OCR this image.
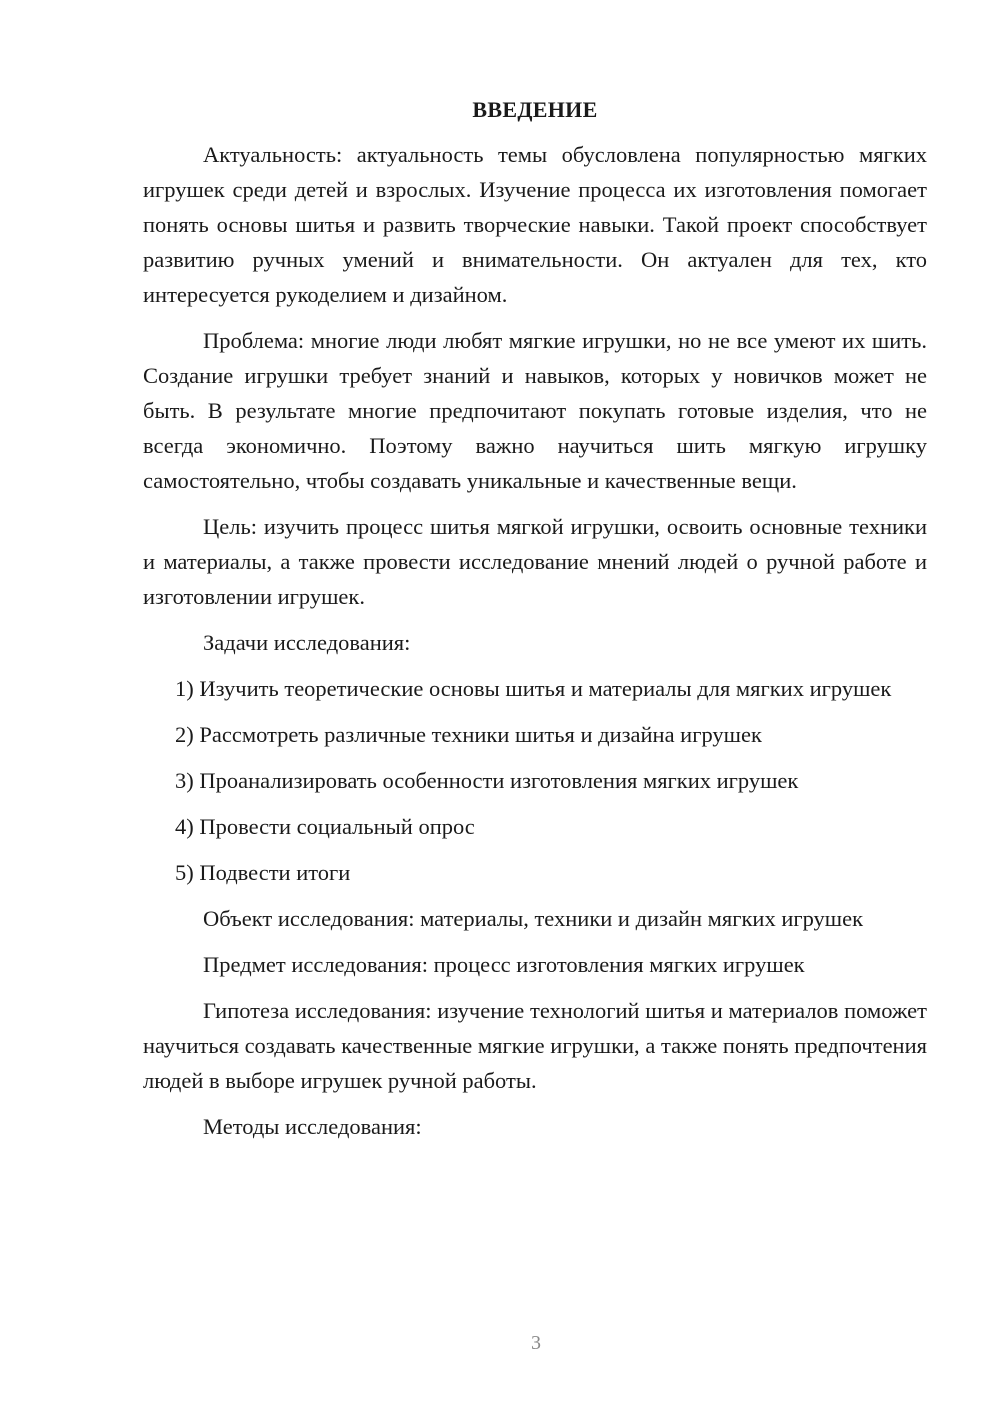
ВВЕДЕНИЕ

Актуальность: актуальность темы обусловлена популярностью мягких игрушек среди детей и взрослых. Изучение процесса их изготовления помогает понять основы шитья и развить творческие навыки. Такой проект способствует развитию ручных умений и внимательности. Он актуален для тех, кто интересуется рукоделием и дизайном.

Проблема: многие люди любят мягкие игрушки, но не все умеют их шить. Создание игрушки требует знаний и навыков, которых у новичков может не быть. В результате многие предпочитают покупать готовые изделия, что не всегда экономично. Поэтому важно научиться шить мягкую игрушку самостоятельно, чтобы создавать уникальные и качественные вещи.

Цель: изучить процесс шитья мягкой игрушки, освоить основные техники и материалы, а также провести исследование мнений людей о ручной работе и изготовлении игрушек.

Задачи исследования:

1) Изучить теоретические основы шитья и материалы для мягких игрушек

2) Рассмотреть различные техники шитья и дизайна игрушек

3) Проанализировать особенности изготовления мягких игрушек

4) Провести социальный опрос

5) Подвести итоги

Объект исследования: материалы, техники и дизайн мягких игрушек

Предмет исследования: процесс изготовления мягких игрушек

Гипотеза исследования: изучение технологий шитья и материалов поможет научиться создавать качественные мягкие игрушки, а также понять предпочтения людей в выборе игрушек ручной работы.

Методы исследования:

3
